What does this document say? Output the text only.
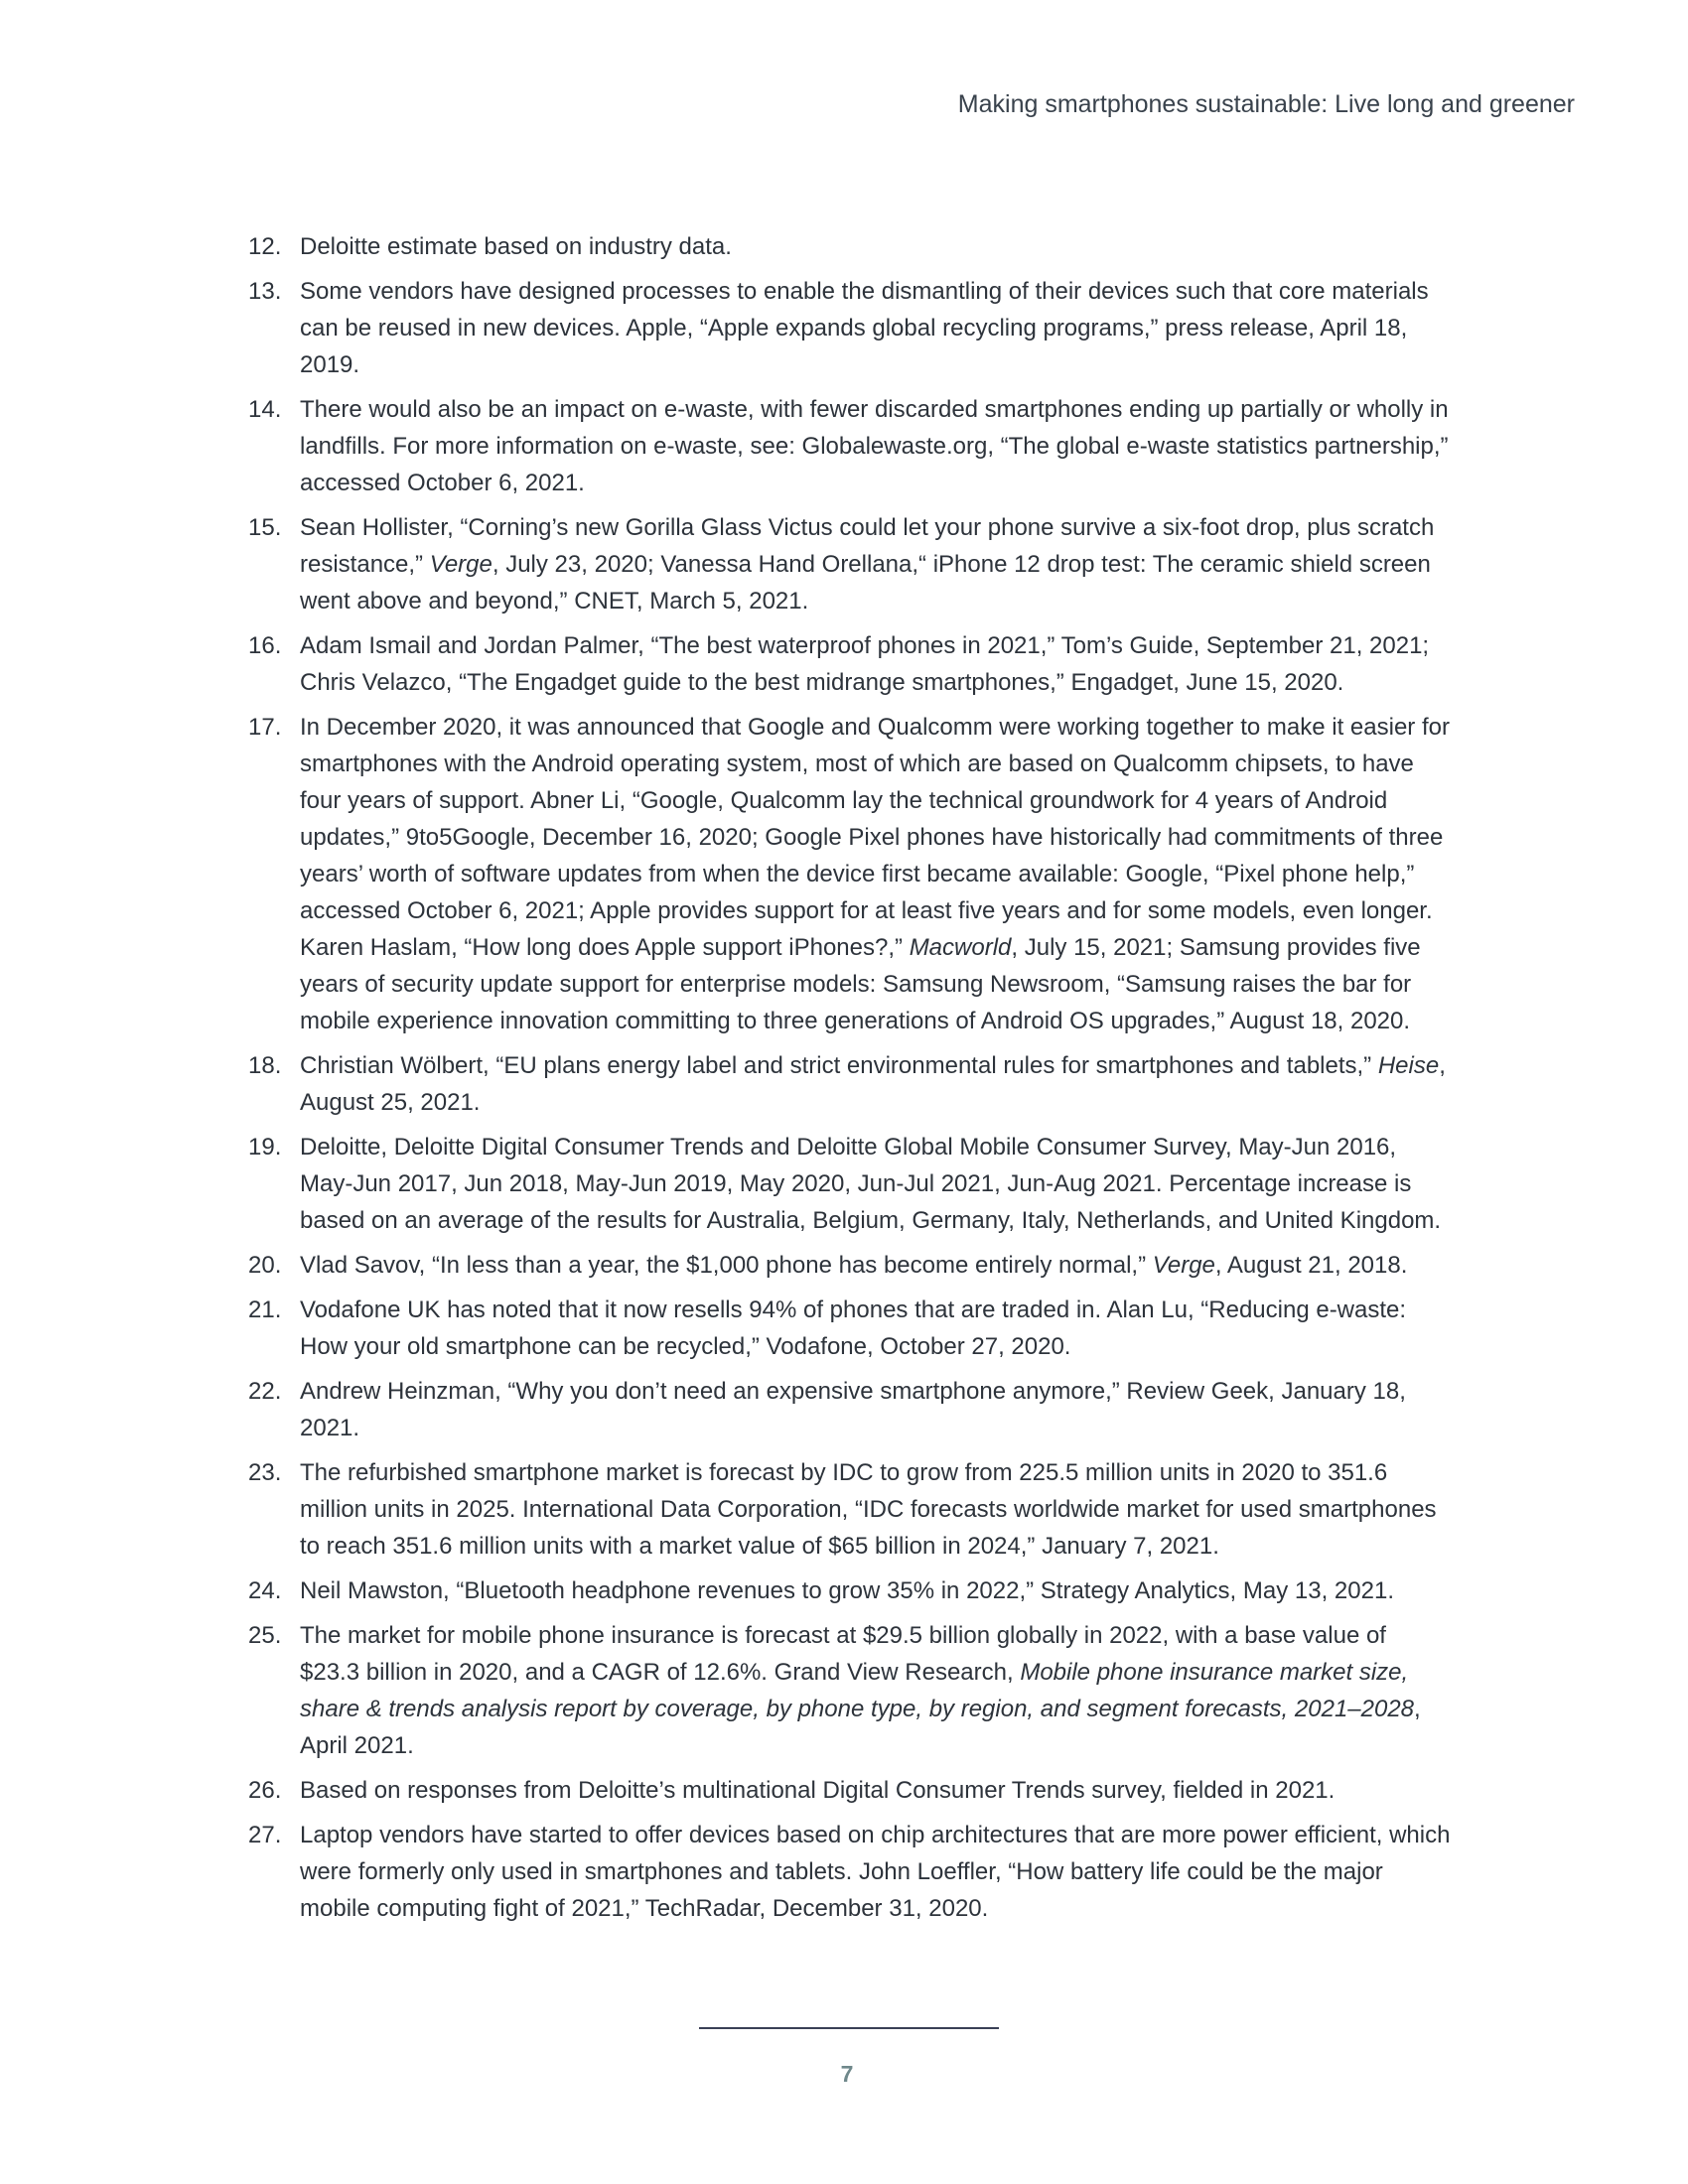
Making smartphones sustainable: Live long and greener
12. Deloitte estimate based on industry data.
13. Some vendors have designed processes to enable the dismantling of their devices such that core materials can be reused in new devices. Apple, “Apple expands global recycling programs,” press release, April 18, 2019.
14. There would also be an impact on e-waste, with fewer discarded smartphones ending up partially or wholly in landfills. For more information on e-waste, see: Globalewaste.org, “The global e-waste statistics partnership,” accessed October 6, 2021.
15. Sean Hollister, “Corning’s new Gorilla Glass Victus could let your phone survive a six-foot drop, plus scratch resistance,” Verge, July 23, 2020; Vanessa Hand Orellana,“ iPhone 12 drop test: The ceramic shield screen went above and beyond,” CNET, March 5, 2021.
16. Adam Ismail and Jordan Palmer, “The best waterproof phones in 2021,” Tom’s Guide, September 21, 2021; Chris Velazco, “The Engadget guide to the best midrange smartphones,” Engadget, June 15, 2020.
17. In December 2020, it was announced that Google and Qualcomm were working together to make it easier for smartphones with the Android operating system, most of which are based on Qualcomm chipsets, to have four years of support. Abner Li, “Google, Qualcomm lay the technical groundwork for 4 years of Android updates,” 9to5Google, December 16, 2020; Google Pixel phones have historically had commitments of three years’ worth of software updates from when the device first became available: Google, “Pixel phone help,” accessed October 6, 2021; Apple provides support for at least five years and for some models, even longer. Karen Haslam, “How long does Apple support iPhones?,” Macworld, July 15, 2021; Samsung provides five years of security update support for enterprise models: Samsung Newsroom, “Samsung raises the bar for mobile experience innovation committing to three generations of Android OS upgrades,” August 18, 2020.
18. Christian Wölbert, “EU plans energy label and strict environmental rules for smartphones and tablets,” Heise, August 25, 2021.
19. Deloitte, Deloitte Digital Consumer Trends and Deloitte Global Mobile Consumer Survey, May-Jun 2016, May-Jun 2017, Jun 2018, May-Jun 2019, May 2020, Jun-Jul 2021, Jun-Aug 2021. Percentage increase is based on an average of the results for Australia, Belgium, Germany, Italy, Netherlands, and United Kingdom.
20. Vlad Savov, “In less than a year, the $1,000 phone has become entirely normal,” Verge, August 21, 2018.
21. Vodafone UK has noted that it now resells 94% of phones that are traded in. Alan Lu, “Reducing e-waste: How your old smartphone can be recycled,” Vodafone, October 27, 2020.
22. Andrew Heinzman, “Why you don’t need an expensive smartphone anymore,” Review Geek, January 18, 2021.
23. The refurbished smartphone market is forecast by IDC to grow from 225.5 million units in 2020 to 351.6 million units in 2025. International Data Corporation, “IDC forecasts worldwide market for used smartphones to reach 351.6 million units with a market value of $65 billion in 2024,” January 7, 2021.
24. Neil Mawston, “Bluetooth headphone revenues to grow 35% in 2022,” Strategy Analytics, May 13, 2021.
25. The market for mobile phone insurance is forecast at $29.5 billion globally in 2022, with a base value of $23.3 billion in 2020, and a CAGR of 12.6%. Grand View Research, Mobile phone insurance market size, share & trends analysis report by coverage, by phone type, by region, and segment forecasts, 2021–2028, April 2021.
26. Based on responses from Deloitte’s multinational Digital Consumer Trends survey, fielded in 2021.
27. Laptop vendors have started to offer devices based on chip architectures that are more power efficient, which were formerly only used in smartphones and tablets. John Loeffler, “How battery life could be the major mobile computing fight of 2021,” TechRadar, December 31, 2020.
7
